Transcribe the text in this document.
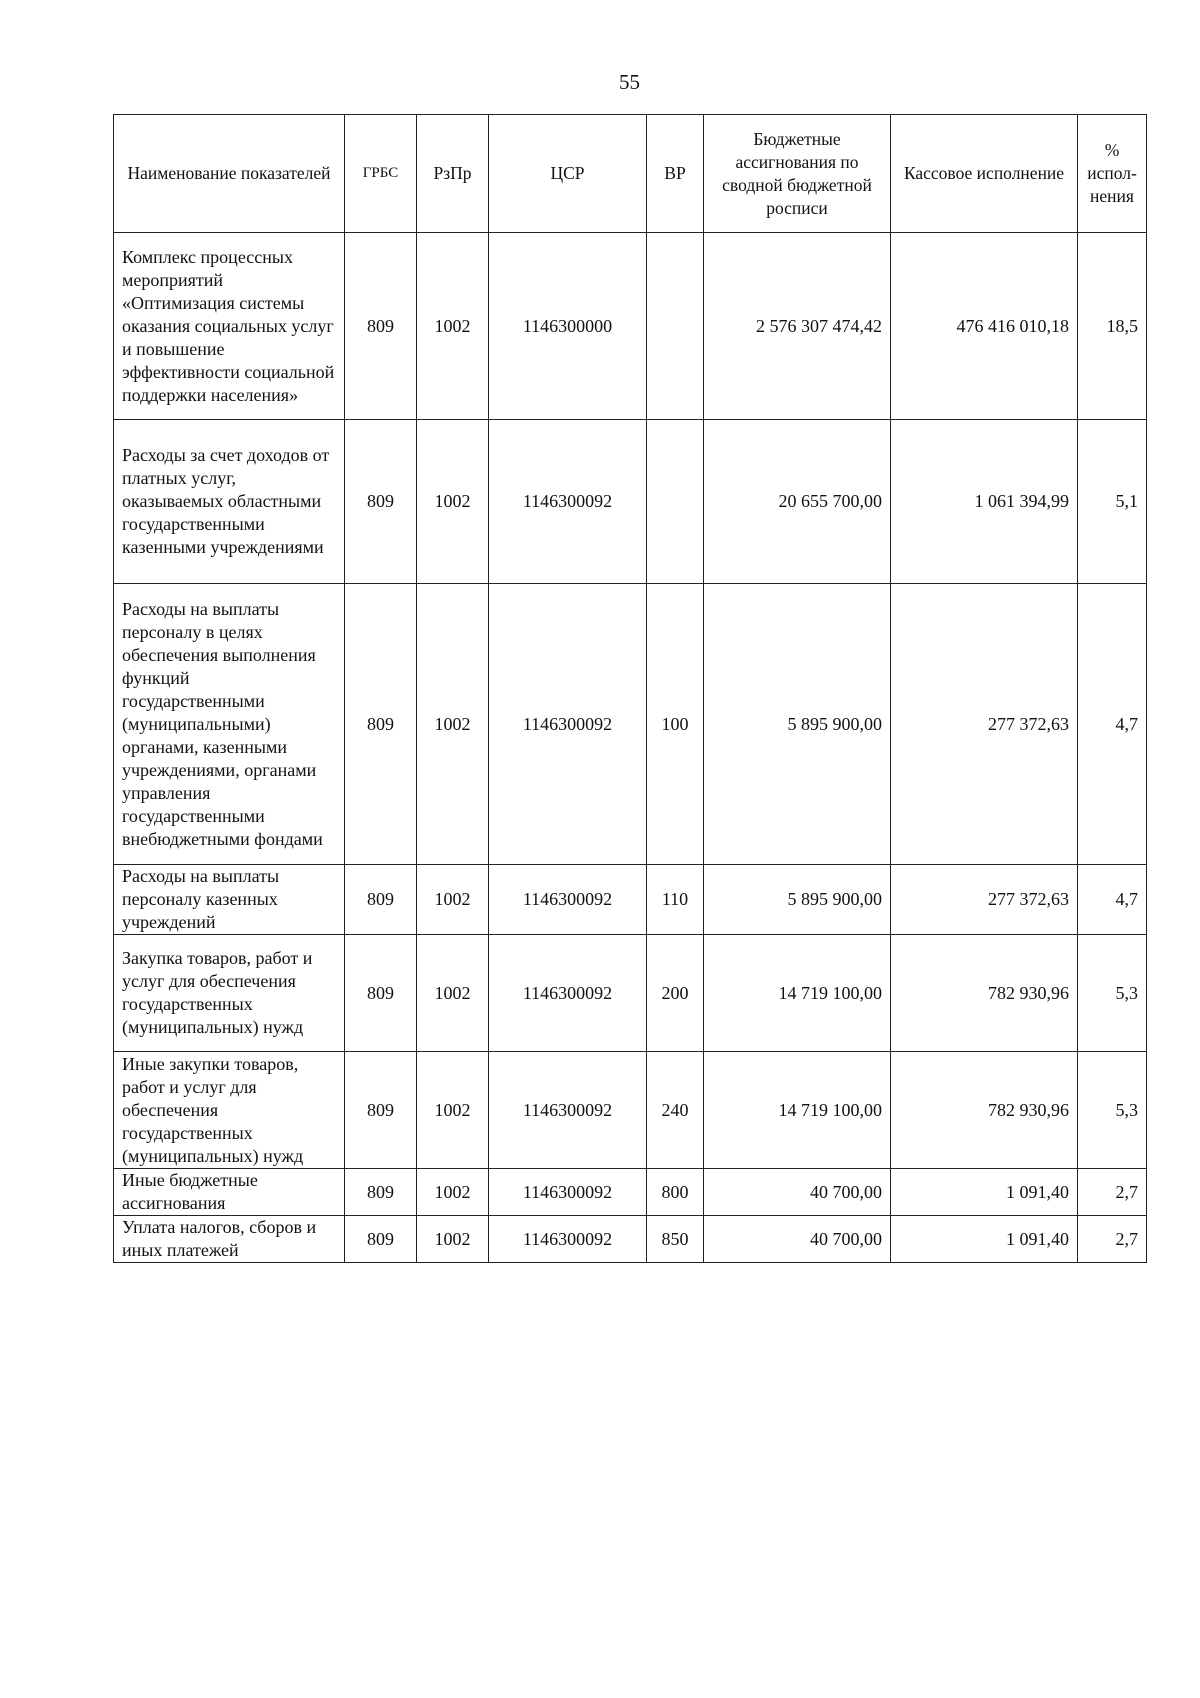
55
Наименование показателей	ГРБС	РзПр	ЦСР	ВР	Бюджетные ассигнования по сводной бюджетной росписи	Кассовое исполнение	% испол-нения
Комплекс процессных мероприятий «Оптимизация системы оказания социальных услуг и повышение эффективности социальной поддержки населения»	809	1002	1146300000		2 576 307 474,42	476 416 010,18	18,5
Расходы за счет доходов от платных услуг, оказываемых областными государственными казенными учреждениями	809	1002	1146300092		20 655 700,00	1 061 394,99	5,1
Расходы на выплаты персоналу в целях обеспечения выполнения функций государственными (муниципальными) органами, казенными учреждениями, органами управления государственными внебюджетными фондами	809	1002	1146300092	100	5 895 900,00	277 372,63	4,7
Расходы на выплаты персоналу казенных учреждений	809	1002	1146300092	110	5 895 900,00	277 372,63	4,7
Закупка товаров, работ и услуг для обеспечения государственных (муниципальных) нужд	809	1002	1146300092	200	14 719 100,00	782 930,96	5,3
Иные закупки товаров, работ и услуг для обеспечения государственных (муниципальных) нужд	809	1002	1146300092	240	14 719 100,00	782 930,96	5,3
Иные бюджетные ассигнования	809	1002	1146300092	800	40 700,00	1 091,40	2,7
Уплата налогов, сборов и иных платежей	809	1002	1146300092	850	40 700,00	1 091,40	2,7
